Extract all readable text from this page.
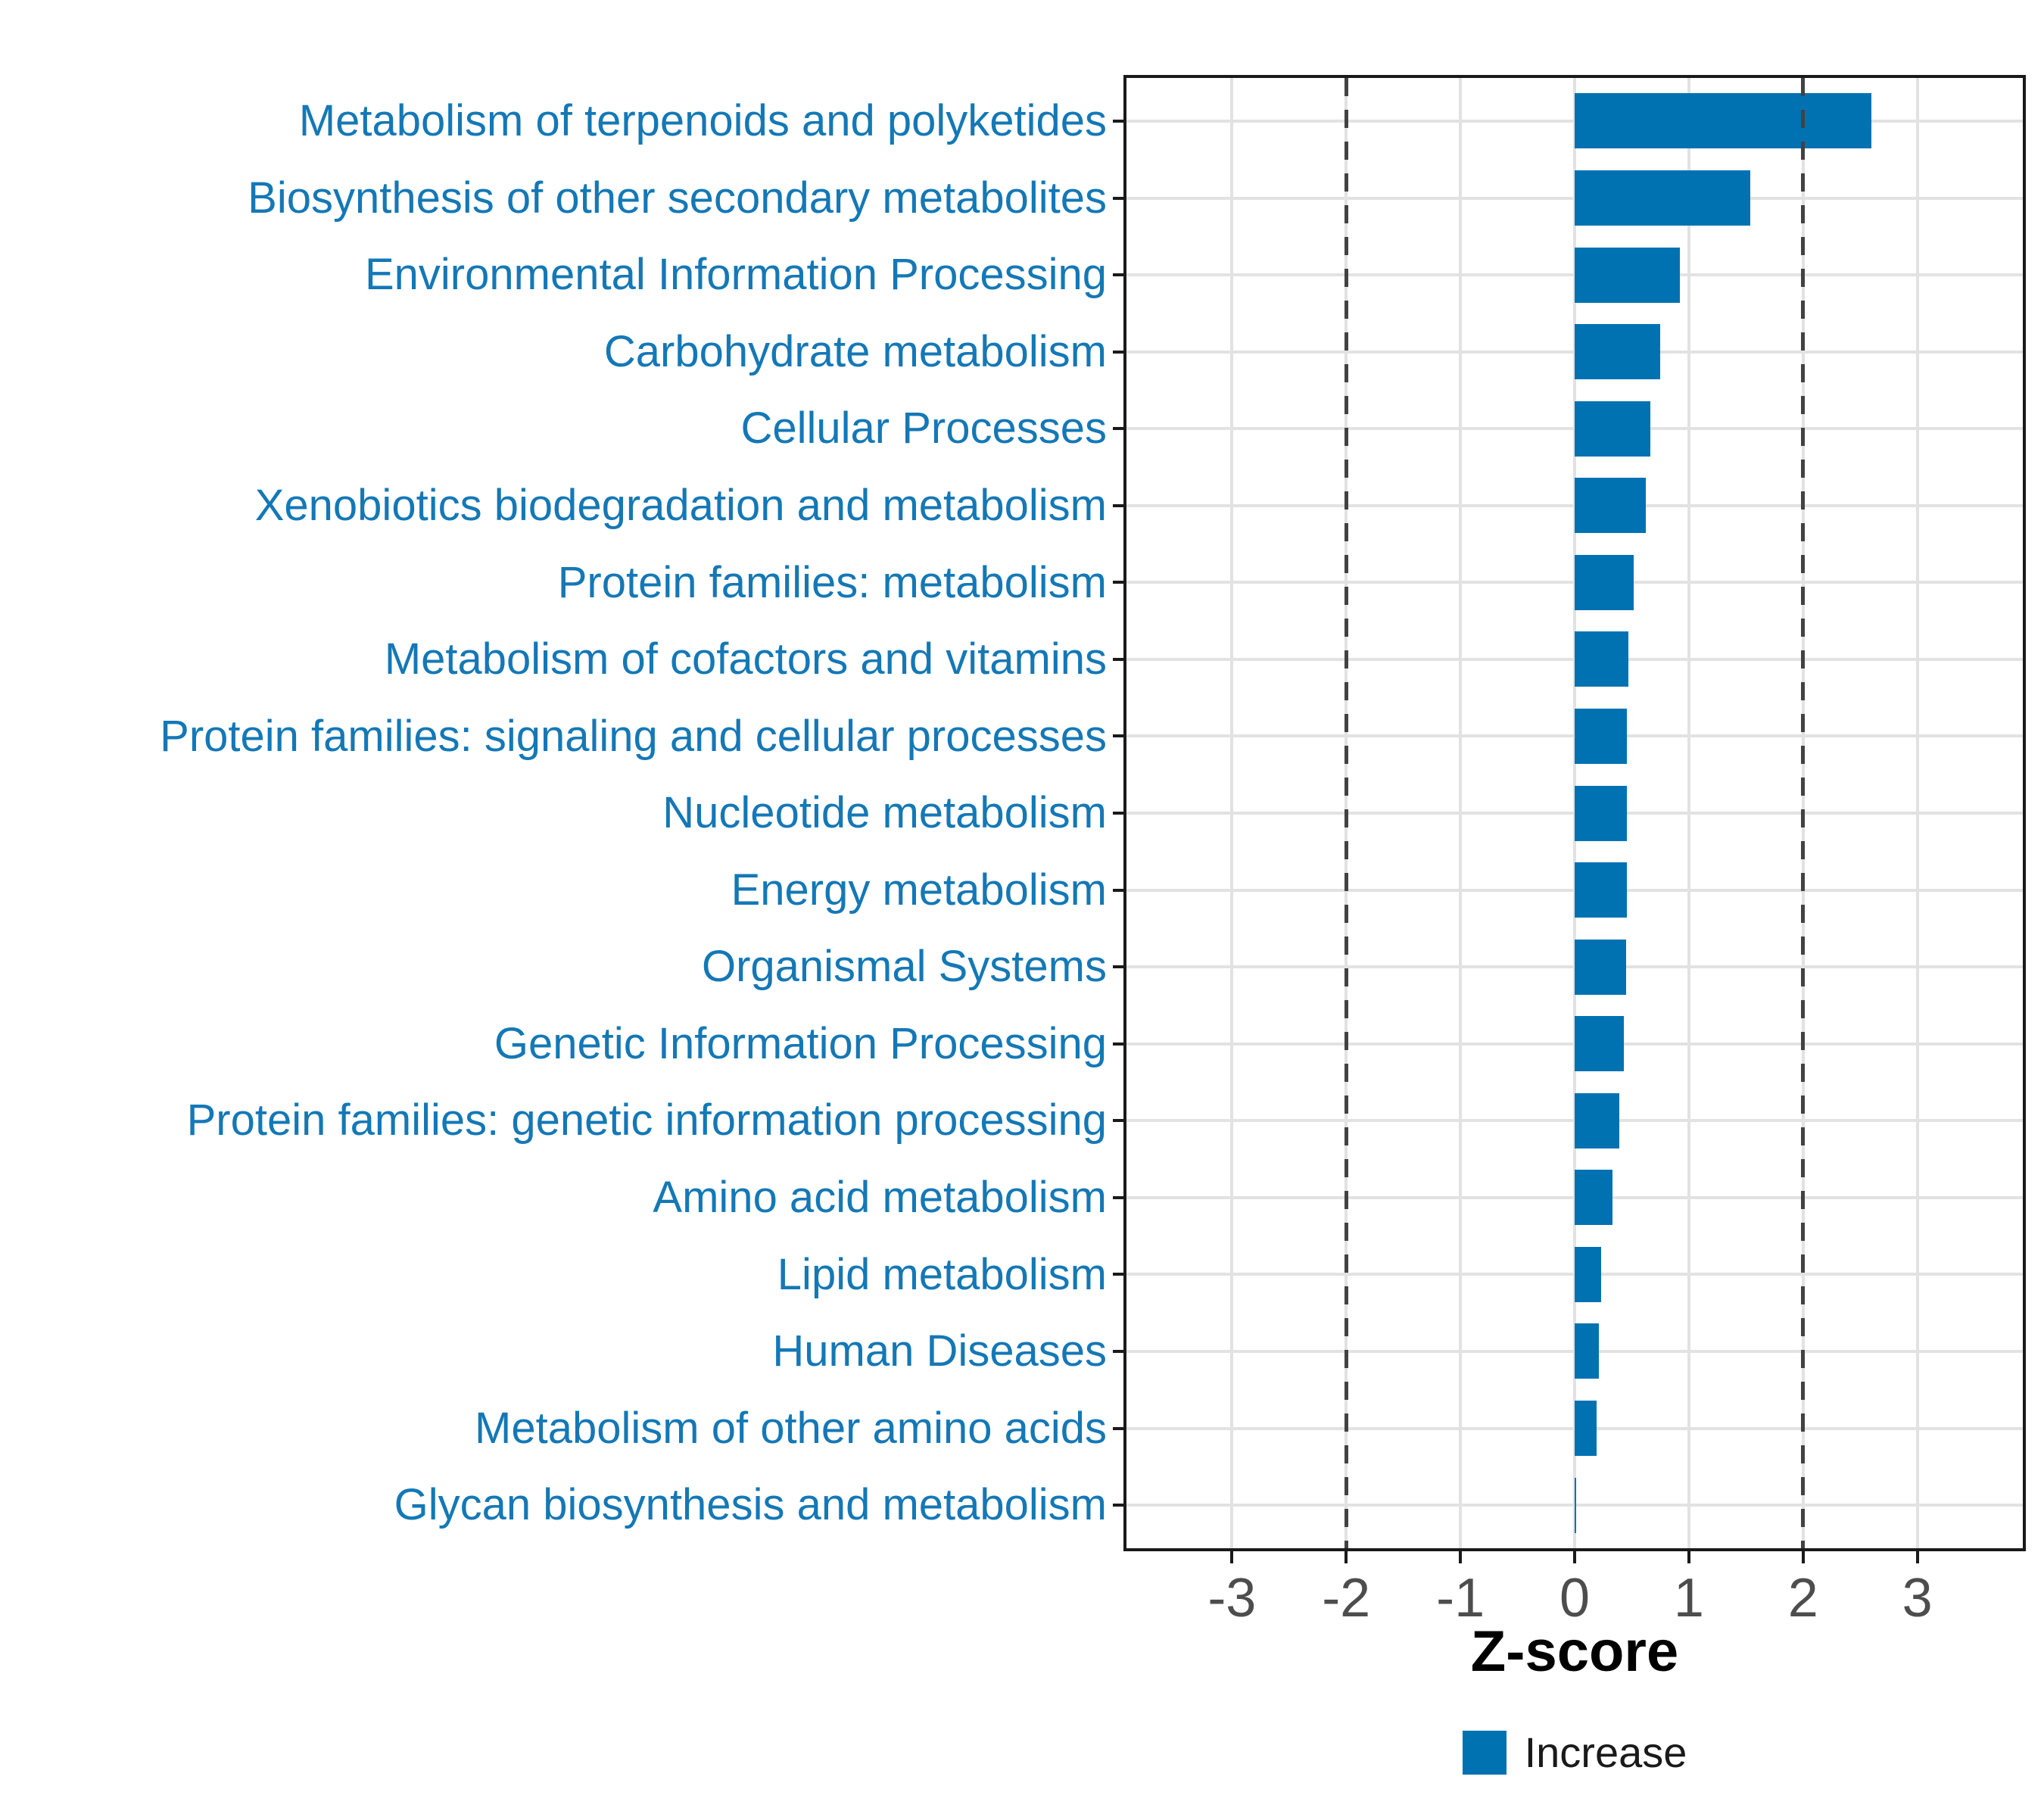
Metabolism of terpenoids and polyketides
Biosynthesis of other secondary metabolites
Environmental Information Processing
Carbohydrate metabolism
Cellular Processes
Xenobiotics biodegradation and metabolism
Protein families: metabolism
Metabolism of cofactors and vitamins
Protein families: signaling and cellular processes
Nucleotide metabolism
Energy metabolism
Organismal Systems
Genetic Information Processing
Protein families: genetic information processing
Amino acid metabolism
Lipid metabolism
Human Diseases
Metabolism of other amino acids
Glycan biosynthesis and metabolism
-3	-2	-1	0	1	2	3
Z-score
Increase
